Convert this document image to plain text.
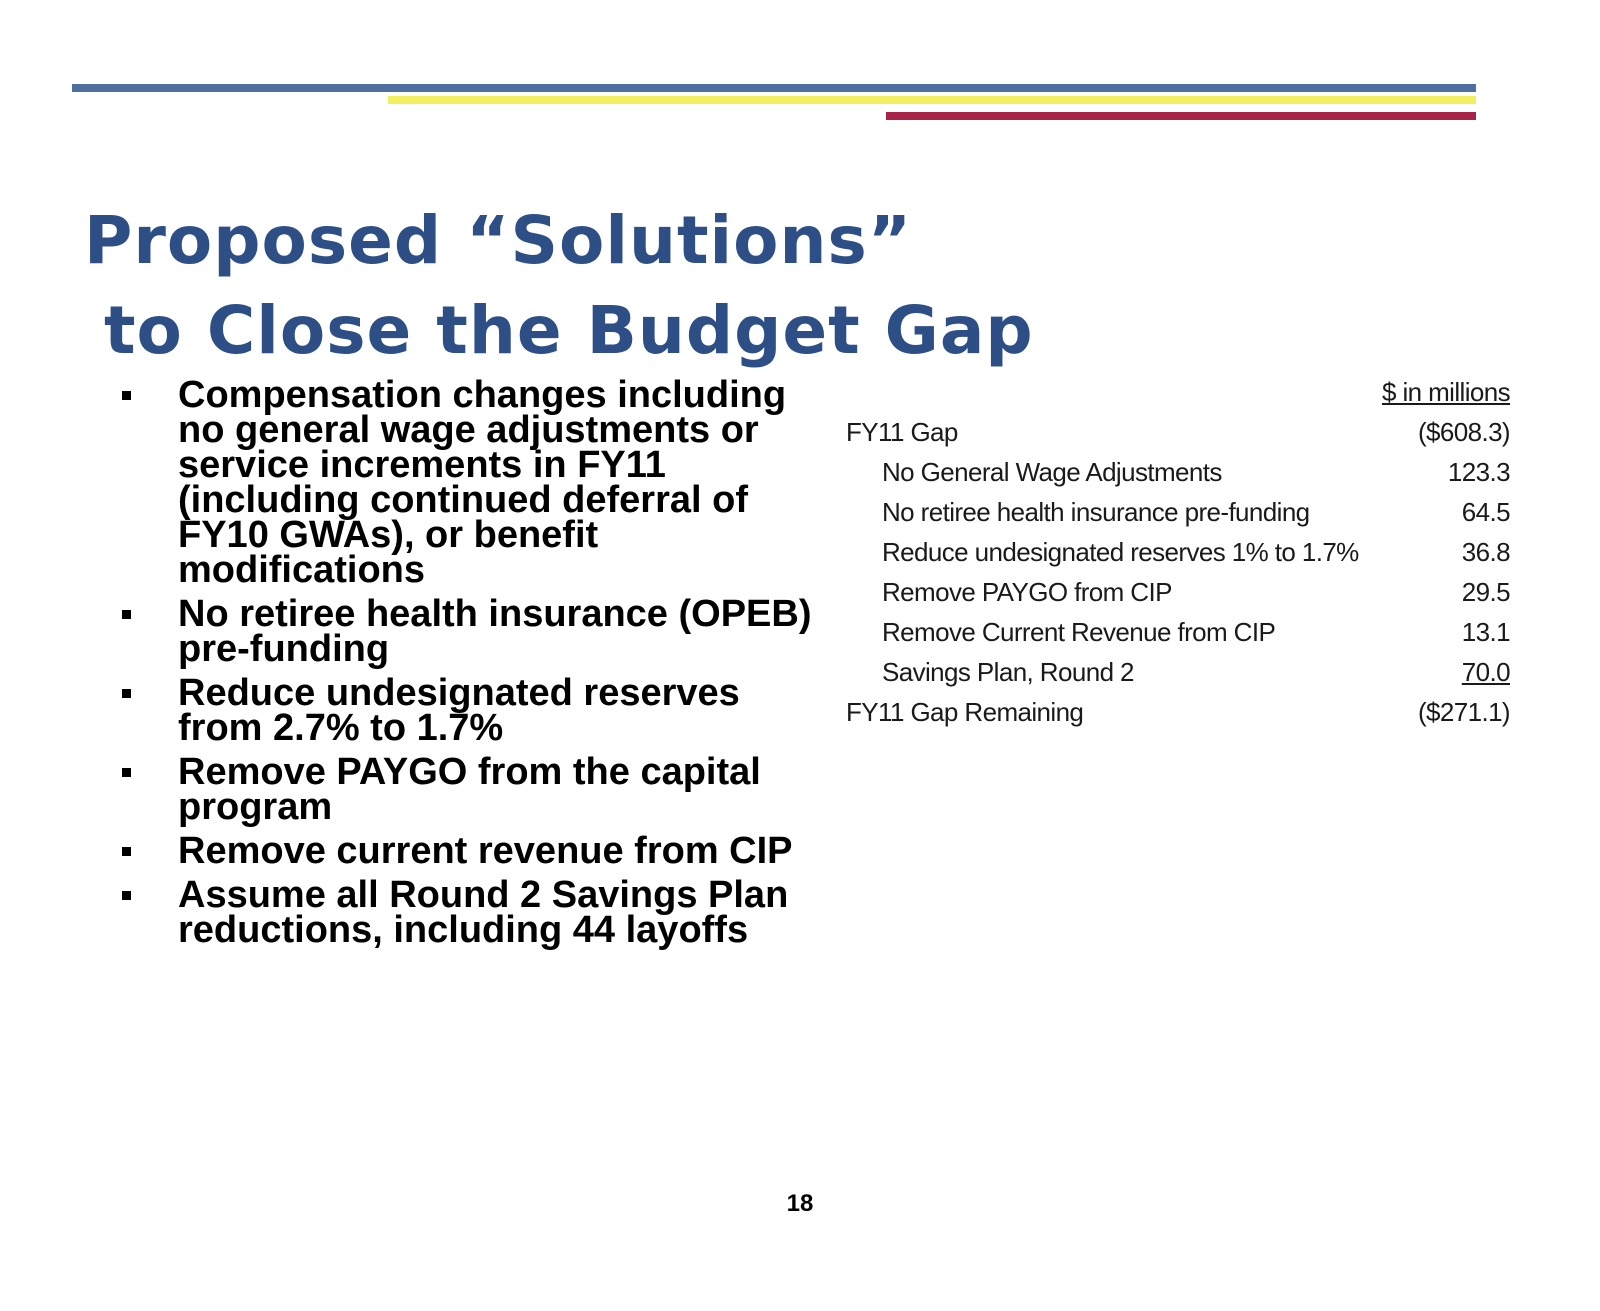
Proposed “Solutions”
to Close the Budget Gap
Compensation changes including no general wage adjustments or service increments in FY11 (including continued deferral of FY10 GWAs), or benefit modifications
No retiree health insurance (OPEB) pre-funding
Reduce undesignated reserves from 2.7% to 1.7%
Remove PAYGO from the capital program
Remove current revenue from CIP
Assume all Round 2 Savings Plan reductions, including 44 layoffs
	$ in millions
FY11 Gap	($608.3)
No General Wage Adjustments	123.3
No retiree health insurance pre-funding	64.5
Reduce undesignated reserves 1% to 1.7%	36.8
Remove PAYGO from CIP	29.5
Remove Current Revenue from CIP	13.1
Savings Plan, Round 2	70.0
FY11 Gap Remaining	($271.1)
18
